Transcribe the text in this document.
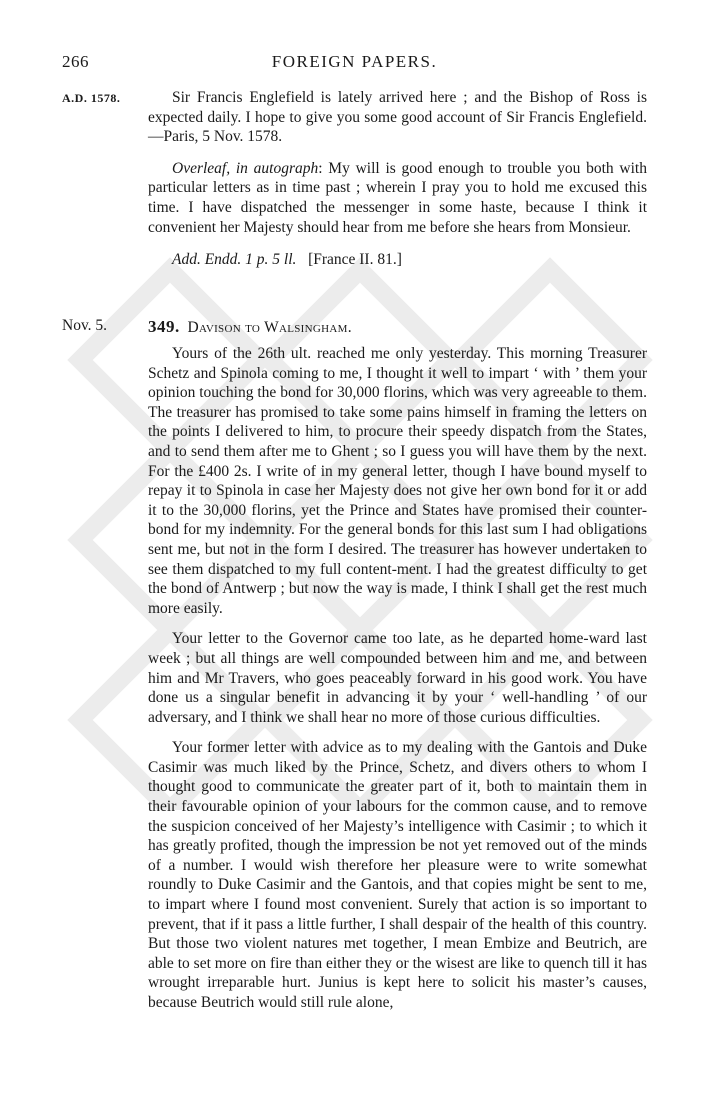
266	FOREIGN PAPERS.
A.D. 1578.	Sir Francis Englefield is lately arrived here ; and the Bishop of Ross is expected daily. I hope to give you some good account of Sir Francis Englefield.—Paris, 5 Nov. 1578.

Overleaf, in autograph: My will is good enough to trouble you both with particular letters as in time past ; wherein I pray you to hold me excused this time. I have dispatched the messenger in some haste, because I think it convenient her Majesty should hear from me before she hears from Monsieur.

Add. Endd. 1 p. 5 ll. [France II. 81.]

Nov. 5. 349. Davison to Walsingham.

Yours of the 26th ult. reached me only yesterday. This morning Treasurer Schetz and Spinola coming to me, I thought it well to impart ‘ with ’ them your opinion touching the bond for 30,000 florins, which was very agreeable to them. The treasurer has promised to take some pains himself in framing the letters on the points I delivered to him, to procure their speedy dispatch from the States, and to send them after me to Ghent ; so I guess you will have them by the next. For the £400 2s. I write of in my general letter, though I have bound myself to repay it to Spinola in case her Majesty does not give her own bond for it or add it to the 30,000 florins, yet the Prince and States have promised their counter-bond for my indemnity. For the general bonds for this last sum I had obligations sent me, but not in the form I desired. The treasurer has however undertaken to see them dispatched to my full content-ment. I had the greatest difficulty to get the bond of Antwerp ; but now the way is made, I think I shall get the rest much more easily.

Your letter to the Governor came too late, as he departed home-ward last week ; but all things are well compounded between him and me, and between him and Mr Travers, who goes peaceably forward in his good work. You have done us a singular benefit in advancing it by your ‘ well-handling ’ of our adversary, and I think we shall hear no more of those curious difficulties.

Your former letter with advice as to my dealing with the Gantois and Duke Casimir was much liked by the Prince, Schetz, and divers others to whom I thought good to communicate the greater part of it, both to maintain them in their favourable opinion of your labours for the common cause, and to remove the suspicion conceived of her Majesty’s intelligence with Casimir ; to which it has greatly profited, though the impression be not yet removed out of the minds of a number. I would wish therefore her pleasure were to write somewhat roundly to Duke Casimir and the Gantois, and that copies might be sent to me, to impart where I found most convenient. Surely that action is so important to prevent, that if it pass a little further, I shall despair of the health of this country. But those two violent natures met together, I mean Embize and Beutrich, are able to set more on fire than either they or the wisest are like to quench till it has wrought irreparable hurt. Junius is kept here to solicit his master’s causes, because Beutrich would still rule alone,
